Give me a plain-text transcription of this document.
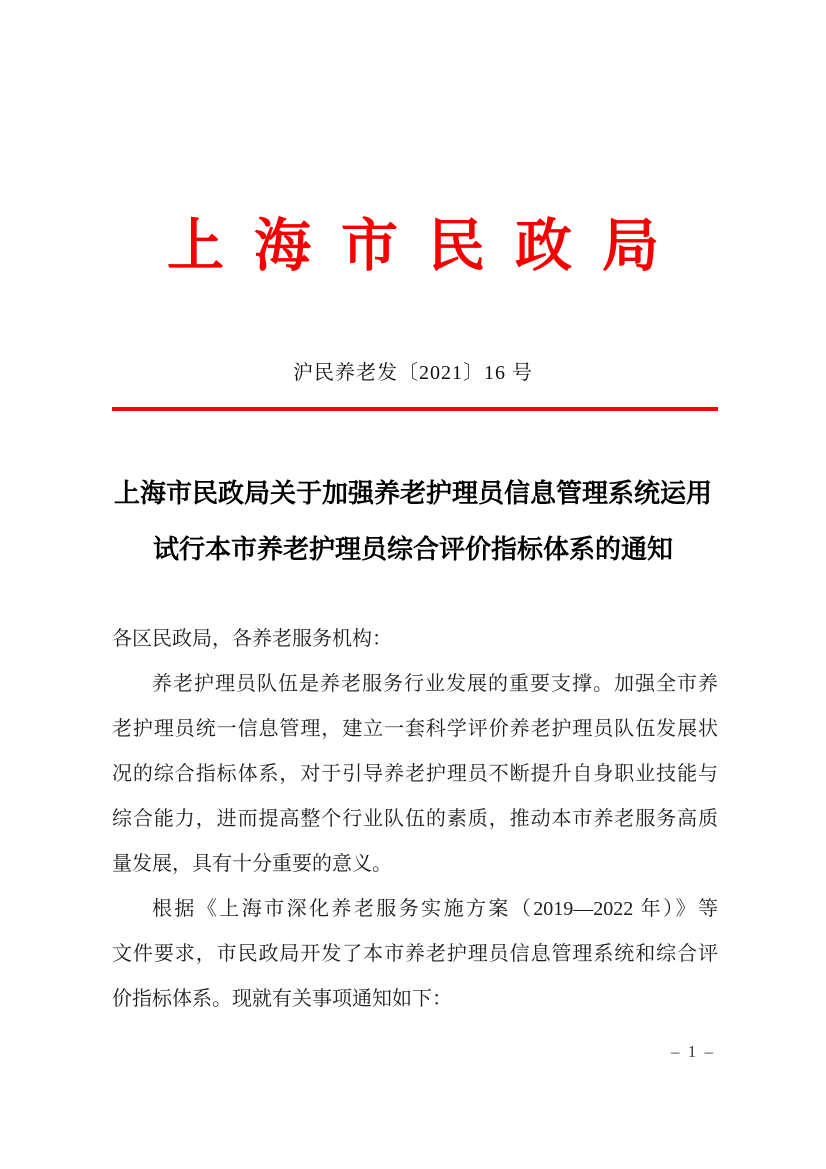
上海市民政局
沪民养老发〔2021〕16 号
上海市民政局关于加强养老护理员信息管理系统运用
试行本市养老护理员综合评价指标体系的通知
各区民政局，各养老服务机构：
养老护理员队伍是养老服务行业发展的重要支撑。加强全市养
老护理员统一信息管理，建立一套科学评价养老护理员队伍发展状
况的综合指标体系，对于引导养老护理员不断提升自身职业技能与
综合能力，进而提高整个行业队伍的素质，推动本市养老服务高质
量发展，具有十分重要的意义。
根据《上海市深化养老服务实施方案（2019—2022 年）》等
文件要求，市民政局开发了本市养老护理员信息管理系统和综合评
价指标体系。现就有关事项通知如下：
– 1 –
